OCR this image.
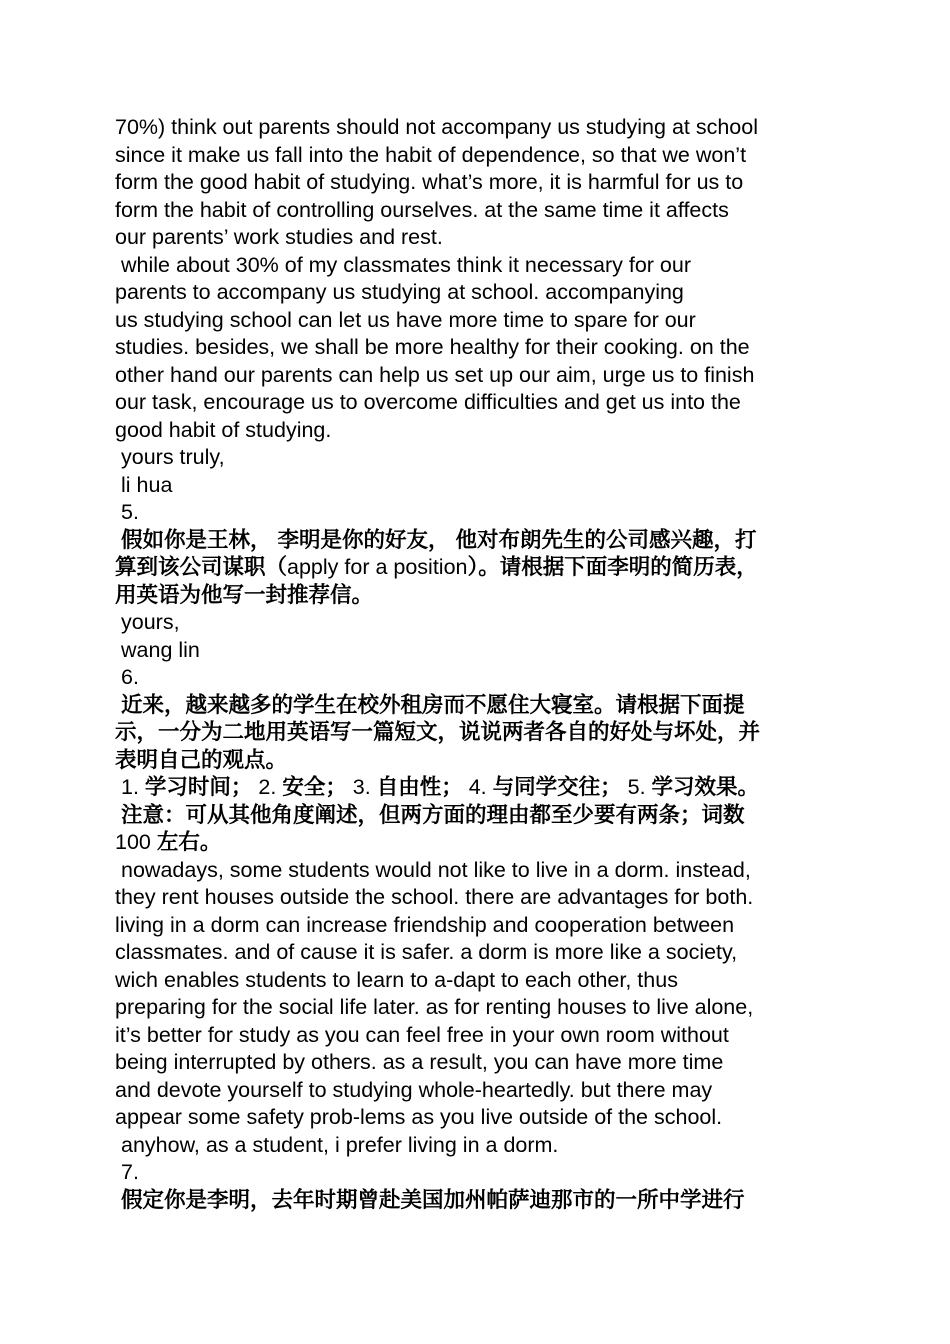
70%) think out parents should not accompany us studying at school
since it make us fall into the habit of dependence, so that we won’t
form the good habit of studying. what’s more, it is harmful for us to
form the habit of controlling ourselves. at the same time it affects
our parents’ work studies and rest.
while about 30% of my classmates think it necessary for our
parents to accompany us studying at school. accompanying
us studying school can let us have more time to spare for our
studies. besides, we shall be more healthy for their cooking. on the
other hand our parents can help us set up our aim, urge us to finish
our task, encourage us to overcome difficulties and get us into the
good habit of studying.
yours truly,
li hua
5.
假如你是王林， 李明是你的好友， 他对布朗先生的公司感兴趣，打
算到该公司谋职（apply for a position）。请根据下面李明的简历表，
用英语为他写一封推荐信。
yours,
wang lin
6.
近来，越来越多的学生在校外租房而不愿住大寝室。请根据下面提
示，一分为二地用英语写一篇短文，说说两者各自的好处与坏处，并
表明自己的观点。
1. 学习时间； 2. 安全； 3. 自由性； 4. 与同学交往； 5. 学习效果。
注意：可从其他角度阐述，但两方面的理由都至少要有两条；词数
100 左右。
nowadays, some students would not like to live in a dorm. instead,
they rent houses outside the school. there are advantages for both.
living in a dorm can increase friendship and cooperation between
classmates. and of cause it is safer. a dorm is more like a society,
wich enables students to learn to a-dapt to each other, thus
preparing for the social life later. as for renting houses to live alone,
it’s better for study as you can feel free in your own room without
being interrupted by others. as a result, you can have more time
and devote yourself to studying whole-heartedly. but there may
appear some safety prob-lems as you live outside of the school.
anyhow, as a student, i prefer living in a dorm.
7.
假定你是李明，去年时期曾赴美国加州帕萨迪那市的一所中学进行
